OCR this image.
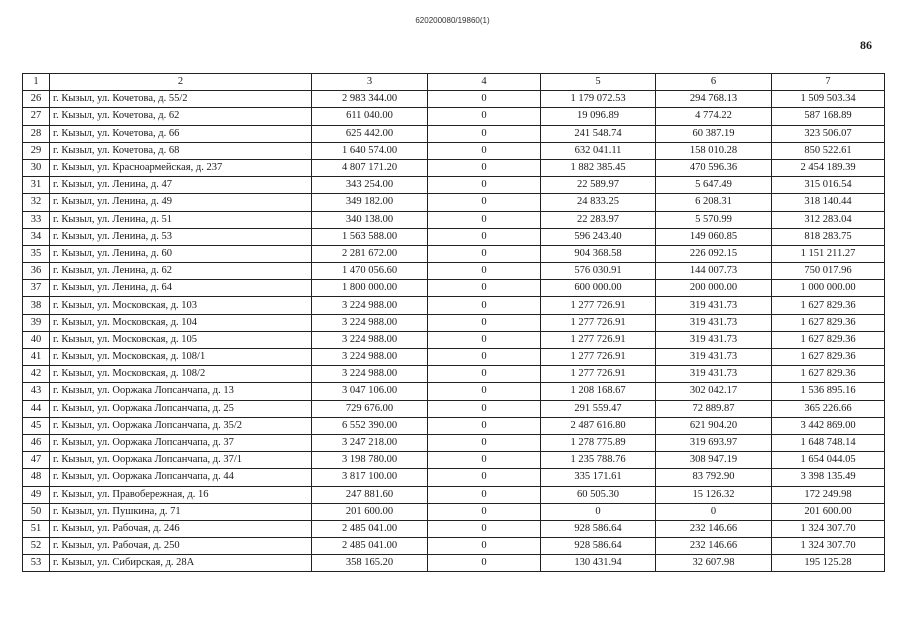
620200080/19860(1)
86
1	2	3	4	5	6	7
26	г. Кызыл, ул. Кочетова, д. 55/2	2 983 344.00	0	1 179 072.53	294 768.13	1 509 503.34
27	г. Кызыл, ул. Кочетова, д. 62	611 040.00	0	19 096.89	4 774.22	587 168.89
28	г. Кызыл, ул. Кочетова, д. 66	625 442.00	0	241 548.74	60 387.19	323 506.07
29	г. Кызыл, ул. Кочетова, д. 68	1 640 574.00	0	632 041.11	158 010.28	850 522.61
30	г. Кызыл, ул. Красноармейская, д. 237	4 807 171.20	0	1 882 385.45	470 596.36	2 454 189.39
31	г. Кызыл, ул. Ленина, д. 47	343 254.00	0	22 589.97	5 647.49	315 016.54
32	г. Кызыл, ул. Ленина, д. 49	349 182.00	0	24 833.25	6 208.31	318 140.44
33	г. Кызыл, ул. Ленина, д. 51	340 138.00	0	22 283.97	5 570.99	312 283.04
34	г. Кызыл, ул. Ленина, д. 53	1 563 588.00	0	596 243.40	149 060.85	818 283.75
35	г. Кызыл, ул. Ленина, д. 60	2 281 672.00	0	904 368.58	226 092.15	1 151 211.27
36	г. Кызыл, ул. Ленина, д. 62	1 470 056.60	0	576 030.91	144 007.73	750 017.96
37	г. Кызыл, ул. Ленина, д. 64	1 800 000.00	0	600 000.00	200 000.00	1 000 000.00
38	г. Кызыл, ул. Московская, д. 103	3 224 988.00	0	1 277 726.91	319 431.73	1 627 829.36
39	г. Кызыл, ул. Московская, д. 104	3 224 988.00	0	1 277 726.91	319 431.73	1 627 829.36
40	г. Кызыл, ул. Московская, д. 105	3 224 988.00	0	1 277 726.91	319 431.73	1 627 829.36
41	г. Кызыл, ул. Московская, д. 108/1	3 224 988.00	0	1 277 726.91	319 431.73	1 627 829.36
42	г. Кызыл, ул. Московская, д. 108/2	3 224 988.00	0	1 277 726.91	319 431.73	1 627 829.36
43	г. Кызыл, ул. Ооржака Лопсанчапа, д. 13	3 047 106.00	0	1 208 168.67	302 042.17	1 536 895.16
44	г. Кызыл, ул. Ооржака Лопсанчапа, д. 25	729 676.00	0	291 559.47	72 889.87	365 226.66
45	г. Кызыл, ул. Ооржака Лопсанчапа, д. 35/2	6 552 390.00	0	2 487 616.80	621 904.20	3 442 869.00
46	г. Кызыл, ул. Ооржака Лопсанчапа, д. 37	3 247 218.00	0	1 278 775.89	319 693.97	1 648 748.14
47	г. Кызыл, ул. Ооржака Лопсанчапа, д. 37/1	3 198 780.00	0	1 235 788.76	308 947.19	1 654 044.05
48	г. Кызыл, ул. Ооржака Лопсанчапа, д. 44	3 817 100.00	0	335 171.61	83 792.90	3 398 135.49
49	г. Кызыл, ул. Правобережная, д. 16	247 881.60	0	60 505.30	15 126.32	172 249.98
50	г. Кызыл, ул. Пушкина, д. 71	201 600.00	0	0	0	201 600.00
51	г. Кызыл, ул. Рабочая, д. 246	2 485 041.00	0	928 586.64	232 146.66	1 324 307.70
52	г. Кызыл, ул. Рабочая, д. 250	2 485 041.00	0	928 586.64	232 146.66	1 324 307.70
53	г. Кызыл, ул. Сибирская, д. 28А	358 165.20	0	130 431.94	32 607.98	195 125.28
